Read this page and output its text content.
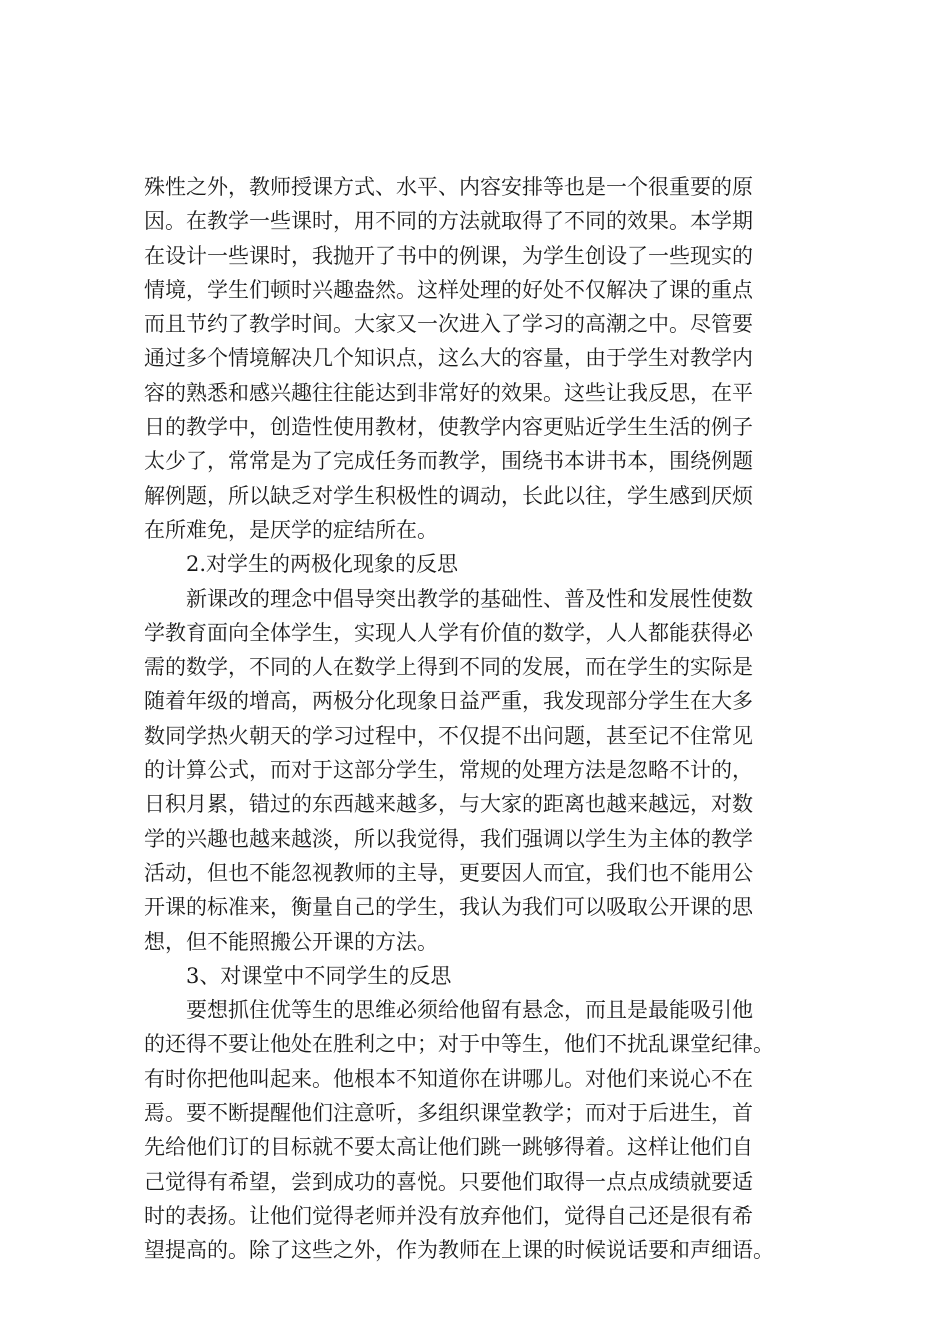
殊性之外，教师授课方式、水平、内容安排等也是一个很重要的原
因。在教学一些课时，用不同的方法就取得了不同的效果。本学期
在设计一些课时，我抛开了书中的例课，为学生创设了一些现实的
情境，学生们顿时兴趣盎然。这样处理的好处不仅解决了课的重点
而且节约了教学时间。大家又一次进入了学习的高潮之中。尽管要
通过多个情境解决几个知识点，这么大的容量，由于学生对教学内
容的熟悉和感兴趣往往能达到非常好的效果。这些让我反思，在平
日的教学中，创造性使用教材，使教学内容更贴近学生生活的例子
太少了，常常是为了完成任务而教学，围绕书本讲书本，围绕例题
解例题，所以缺乏对学生积极性的调动，长此以往，学生感到厌烦
在所难免，是厌学的症结所在。
2.对学生的两极化现象的反思
新课改的理念中倡导突出教学的基础性、普及性和发展性使数
学教育面向全体学生，实现人人学有价值的数学，人人都能获得必
需的数学，不同的人在数学上得到不同的发展，而在学生的实际是
随着年级的增高，两极分化现象日益严重，我发现部分学生在大多
数同学热火朝天的学习过程中，不仅提不出问题，甚至记不住常见
的计算公式，而对于这部分学生，常规的处理方法是忽略不计的，
日积月累，错过的东西越来越多，与大家的距离也越来越远，对数
学的兴趣也越来越淡，所以我觉得，我们强调以学生为主体的教学
活动，但也不能忽视教师的主导，更要因人而宜，我们也不能用公
开课的标准来，衡量自己的学生，我认为我们可以吸取公开课的思
想，但不能照搬公开课的方法。
3、对课堂中不同学生的反思
要想抓住优等生的思维必须给他留有悬念，而且是最能吸引他
的还得不要让他处在胜利之中；对于中等生，他们不扰乱课堂纪律。
有时你把他叫起来。他根本不知道你在讲哪儿。对他们来说心不在
焉。要不断提醒他们注意听，多组织课堂教学；而对于后进生，首
先给他们订的目标就不要太高让他们跳一跳够得着。这样让他们自
己觉得有希望，尝到成功的喜悦。只要他们取得一点点成绩就要适
时的表扬。让他们觉得老师并没有放弃他们，觉得自己还是很有希
望提高的。除了这些之外，作为教师在上课的时候说话要和声细语。
